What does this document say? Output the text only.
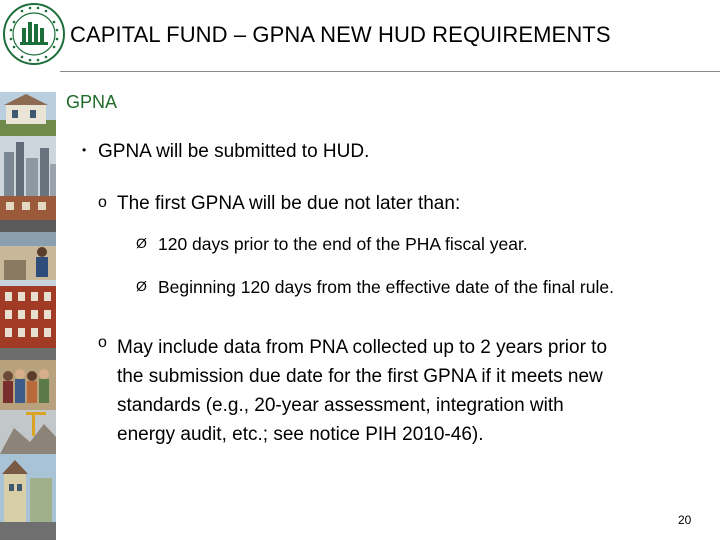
CAPITAL FUND – GPNA NEW HUD REQUIREMENTS
GPNA
• GPNA will be submitted to HUD.
o The first GPNA will be due not later than:
Ø 120 days prior to the end of the PHA fiscal year.
Ø Beginning 120 days from the effective date of the final rule.
o May include data from PNA collected up to 2 years prior to
the submission due date for the first GPNA if it meets new
standards (e.g., 20-year assessment, integration with
energy audit, etc.; see notice PIH 2010-46).
20
